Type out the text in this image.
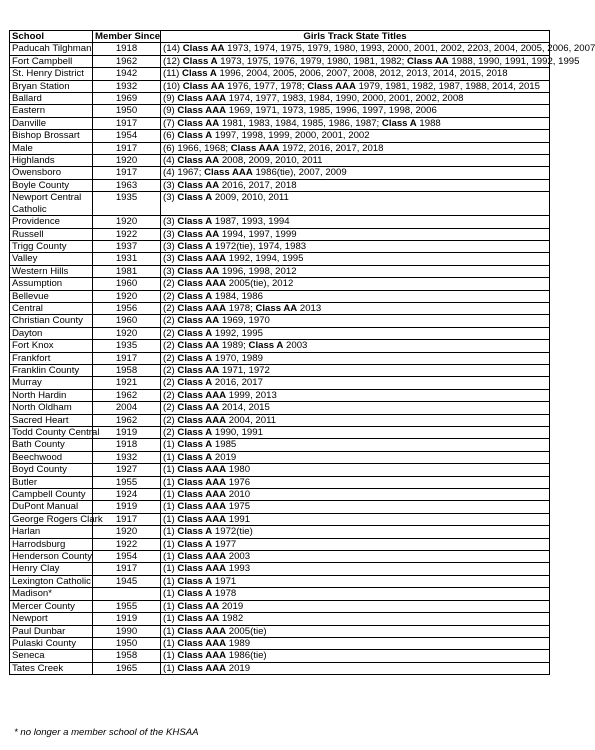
School	Member Since	Girls Track State Titles
Paducah Tilghman	1918	(14) Class AA 1973, 1974, 1975, 1979, 1980, 1993, 2000, 2001, 2002, 2203, 2004, 2005, 2006, 2007
Fort Campbell	1962	(12) Class A 1973, 1975, 1976, 1979, 1980, 1981, 1982; Class AA 1988, 1990, 1991, 1992, 1995
St. Henry District	1942	(11) Class A 1996, 2004, 2005, 2006, 2007, 2008, 2012, 2013, 2014, 2015, 2018
Bryan Station	1932	(10) Class AA 1976, 1977, 1978; Class AAA 1979, 1981, 1982, 1987, 1988, 2014, 2015
Ballard	1969	(9) Class AAA 1974, 1977, 1983, 1984, 1990, 2000, 2001, 2002, 2008
Eastern	1950	(9) Class AAA 1969, 1971, 1973, 1985, 1996, 1997, 1998, 2006
Danville	1917	(7) Class AA 1981, 1983, 1984, 1985, 1986, 1987; Class A 1988
Bishop Brossart	1954	(6) Class A 1997, 1998, 1999, 2000, 2001, 2002
Male	1917	(6) 1966, 1968; Class AAA 1972, 2016, 2017, 2018
Highlands	1920	(4) Class AA 2008, 2009, 2010, 2011
Owensboro	1917	(4) 1967; Class AAA 1986(tie), 2007, 2009
Boyle County	1963	(3) Class AA 2016, 2017, 2018
Newport Central Catholic	1935	(3) Class A 2009, 2010, 2011
Providence	1920	(3) Class A 1987, 1993, 1994
Russell	1922	(3) Class AA 1994, 1997, 1999
Trigg County	1937	(3) Class A 1972(tie), 1974, 1983
Valley	1931	(3) Class AAA 1992, 1994, 1995
Western Hills	1981	(3) Class AA 1996, 1998, 2012
Assumption	1960	(2) Class AAA 2005(tie), 2012
Bellevue	1920	(2) Class A 1984, 1986
Central	1956	(2) Class AAA 1978; Class AA 2013
Christian County	1960	(2) Class AA 1969, 1970
Dayton	1920	(2) Class A 1992, 1995
Fort Knox	1935	(2) Class AA 1989; Class A 2003
Frankfort	1917	(2) Class A 1970, 1989
Franklin County	1958	(2) Class AA 1971, 1972
Murray	1921	(2) Class A 2016, 2017
North Hardin	1962	(2) Class AAA 1999, 2013
North Oldham	2004	(2) Class AA 2014, 2015
Sacred Heart	1962	(2) Class AAA 2004, 2011
Todd County Central	1919	(2) Class A 1990, 1991
Bath County	1918	(1) Class A 1985
Beechwood	1932	(1) Class A 2019
Boyd County	1927	(1) Class AAA 1980
Butler	1955	(1) Class AAA 1976
Campbell County	1924	(1) Class AAA 2010
DuPont Manual	1919	(1) Class AAA 1975
George Rogers Clark	1917	(1) Class AAA 1991
Harlan	1920	(1) Class A 1972(tie)
Harrodsburg	1922	(1) Class A 1977
Henderson County	1954	(1) Class AAA 2003
Henry Clay	1917	(1) Class AAA 1993
Lexington Catholic	1945	(1) Class A 1971
Madison*		(1) Class A 1978
Mercer County	1955	(1) Class AA 2019
Newport	1919	(1) Class AA 1982
Paul Dunbar	1990	(1) Class AAA 2005(tie)
Pulaski County	1950	(1) Class AAA 1989
Seneca	1958	(1) Class AAA 1986(tie)
Tates Creek	1965	(1) Class AAA 2019
* no longer a member school of the KHSAA
